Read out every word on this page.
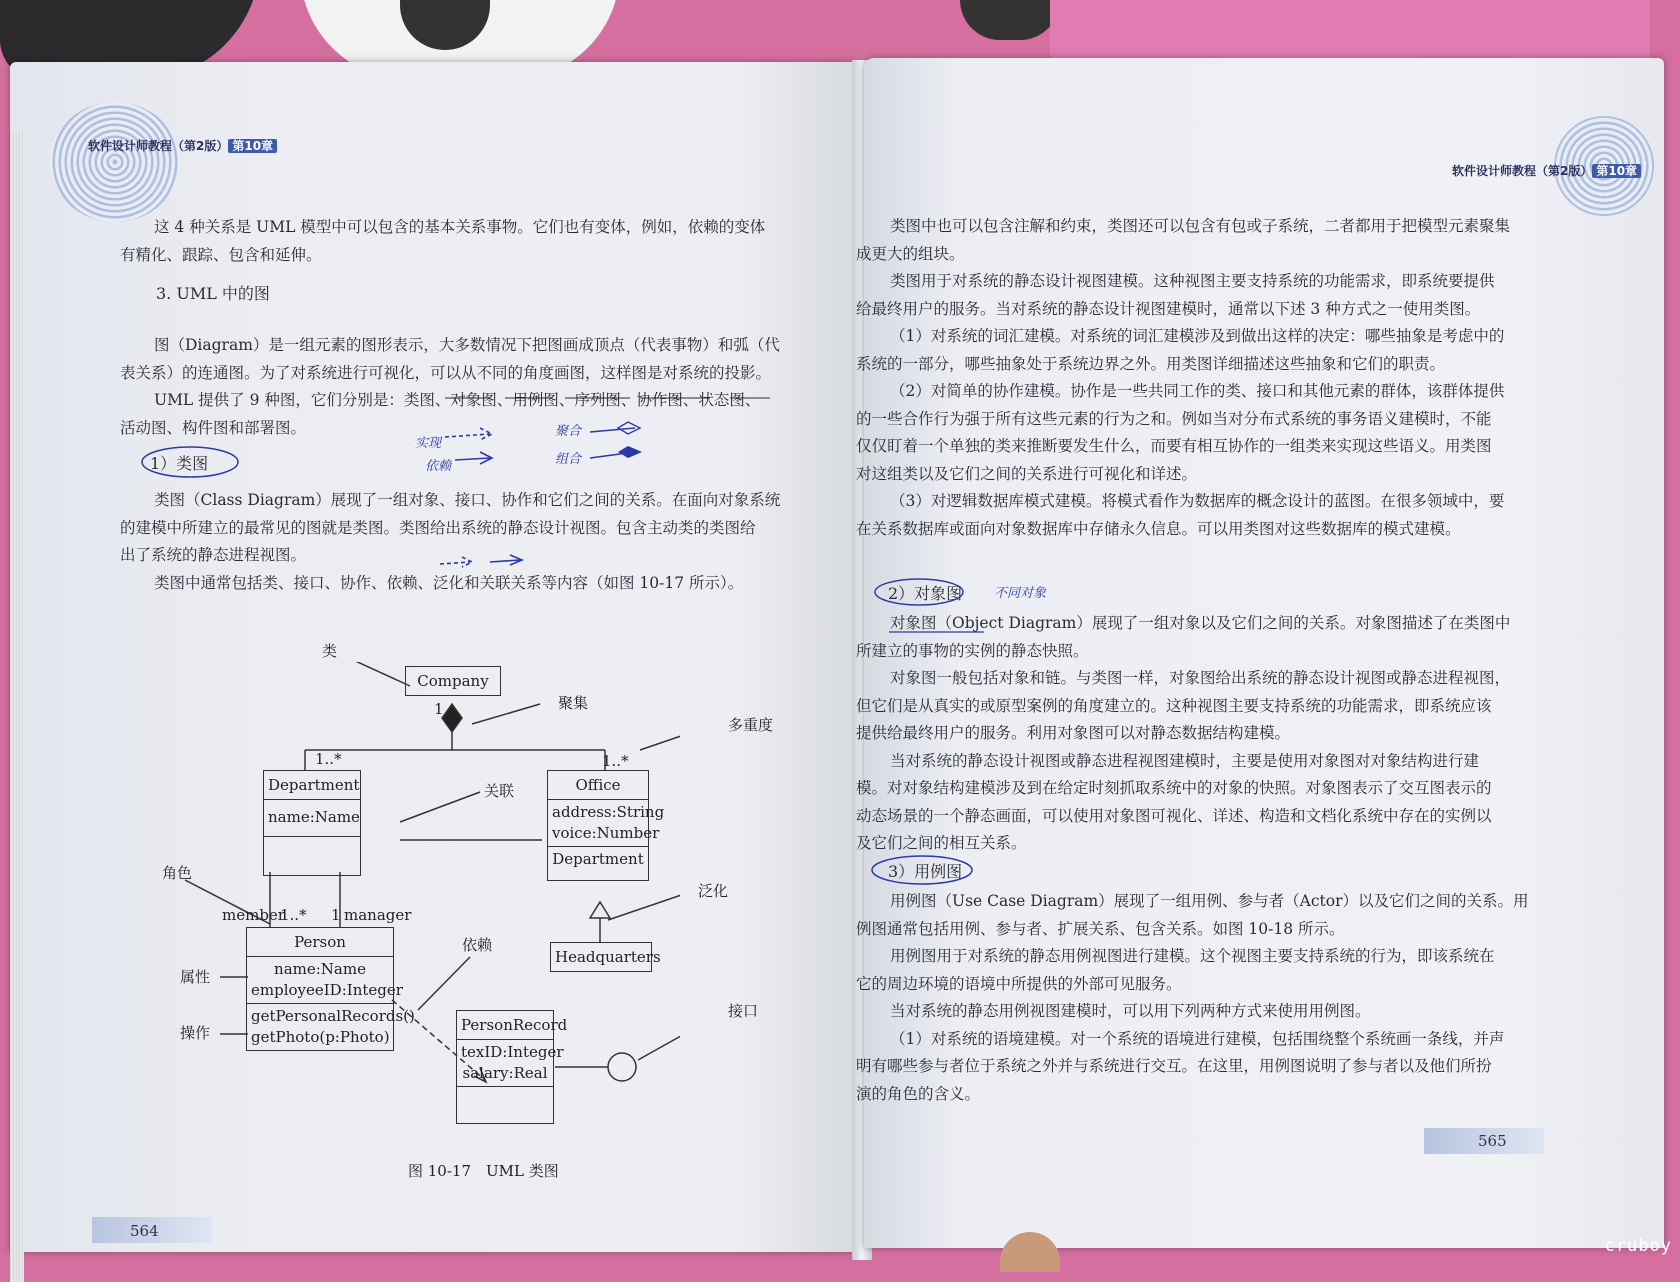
软件设计师教程（第2版） 第10章

这 4 种关系是 UML 模型中可以包含的基本关系事物。它们也有变体，例如，依赖的变体

有精化、跟踪、包含和延伸。

3. UML 中的图

图（Diagram）是一组元素的图形表示，大多数情况下把图画成顶点（代表事物）和弧（代

表关系）的连通图。为了对系统进行可视化，可以从不同的角度画图，这样图是对系统的投影。

UML 提供了 9 种图，它们分别是：类图、对象图、用例图、序列图、协作图、状态图、

活动图、构件图和部署图。

1）类图

类图（Class Diagram）展现了一组对象、接口、协作和它们之间的关系。在面向对象系统

的建模中所建立的最常见的图就是类图。类图给出系统的静态设计视图。包含主动类的类图给

出了系统的静态进程视图。

类图中通常包括类、接口、协作、依赖、泛化和关联关系等内容（如图 10-17 所示）。

图 10-17　UML 类图
564
实现
依赖
聚合
组合
Company
Department
name:Name
Office
address:String
voice:Number
Department
Headquarters
Person
name:Name
employeeID:Integer
getPersonalRecords()
getPhoto(p:Photo)
PersonRecord
texID:Integer
salary:Real
1
1..*	1..*
member
1..* 1 manager
类
聚集
多重度
关联
角色
泛化
属性
依赖
操作
接口
软件设计师教程（第2版） 第10章

类图中也可以包含注解和约束，类图还可以包含有包或子系统，二者都用于把模型元素聚集

成更大的组块。

类图用于对系统的静态设计视图建模。这种视图主要支持系统的功能需求，即系统要提供

给最终用户的服务。当对系统的静态设计视图建模时，通常以下述 3 种方式之一使用类图。

（1）对系统的词汇建模。对系统的词汇建模涉及到做出这样的决定：哪些抽象是考虑中的

系统的一部分，哪些抽象处于系统边界之外。用类图详细描述这些抽象和它们的职责。

（2）对简单的协作建模。协作是一些共同工作的类、接口和其他元素的群体，该群体提供

的一些合作行为强于所有这些元素的行为之和。例如当对分布式系统的事务语义建模时，不能

仅仅盯着一个单独的类来推断要发生什么，而要有相互协作的一组类来实现这些语义。用类图

对这组类以及它们之间的关系进行可视化和详述。

（3）对逻辑数据库模式建模。将模式看作为数据库的概念设计的蓝图。在很多领域中，要

在关系数据库或面向对象数据库中存储永久信息。可以用类图对这些数据库的模式建模。

2）对象图 不同对象

对象图（Object Diagram）展现了一组对象以及它们之间的关系。对象图描述了在类图中

所建立的事物的实例的静态快照。

对象图一般包括对象和链。与类图一样，对象图给出系统的静态设计视图或静态进程视图，

但它们是从真实的或原型案例的角度建立的。这种视图主要支持系统的功能需求，即系统应该

提供给最终用户的服务。利用对象图可以对静态数据结构建模。

当对系统的静态设计视图或静态进程视图建模时，主要是使用对象图对对象结构进行建

模。对对象结构建模涉及到在给定时刻抓取系统中的对象的快照。对象图表示了交互图表示的

动态场景的一个静态画面，可以使用对象图可视化、详述、构造和文档化系统中存在的实例以

及它们之间的相互关系。

3）用例图

用例图（Use Case Diagram）展现了一组用例、参与者（Actor）以及它们之间的关系。用

例图通常包括用例、参与者、扩展关系、包含关系。如图 10-18 所示。

用例图用于对系统的静态用例视图进行建模。这个视图主要支持系统的行为，即该系统在

它的周边环境的语境中所提供的外部可见服务。

当对系统的静态用例视图建模时，可以用下列两种方式来使用用例图。

（1）对系统的语境建模。对一个系统的语境进行建模，包括围绕整个系统画一条线，并声

明有哪些参与者位于系统之外并与系统进行交互。在这里，用例图说明了参与者以及他们所扮

演的角色的含义。

565
cruboy
